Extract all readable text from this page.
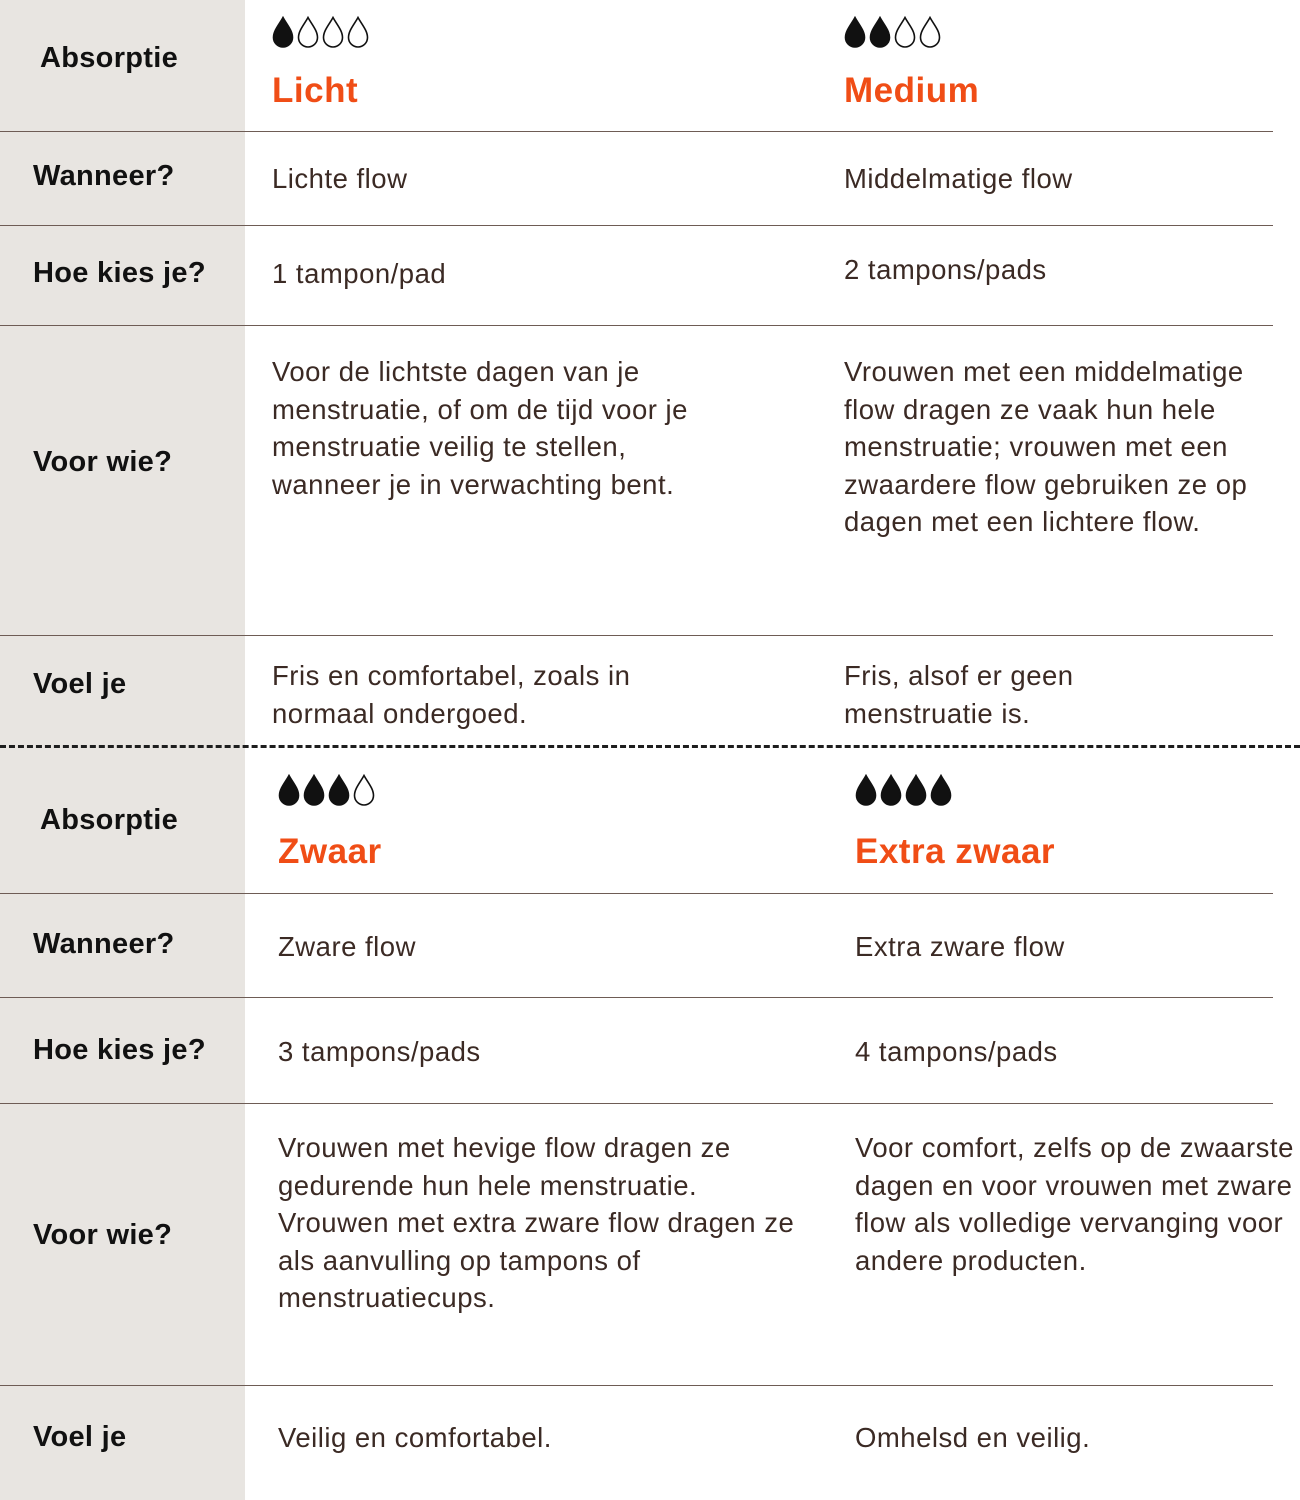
Absorptie
Wanneer?
Hoe kies je?
Voor wie?
Voel je
Licht
Lichte flow
1 tampon/pad
Voor de lichtste dagen van je menstruatie, of om de tijd voor je menstruatie veilig te stellen, wanneer je in verwachting bent.
Fris en comfortabel, zoals in normaal ondergoed.
Medium
Middelmatige flow
2 tampons/pads
Vrouwen met een middelmatige flow dragen ze vaak hun hele menstruatie; vrouwen met een zwaardere flow gebruiken ze op dagen met een lichtere flow.
Fris, alsof er geen menstruatie is.
Absorptie
Wanneer?
Hoe kies je?
Voor wie?
Voel je
Zwaar
Zware flow
3 tampons/pads
Vrouwen met hevige flow dragen ze gedurende hun hele menstruatie. Vrouwen met extra zware flow dragen ze als aanvulling op tampons of menstruatiecups.
Veilig en comfortabel.
Extra zwaar
Extra zware flow
4 tampons/pads
Voor comfort, zelfs op de zwaarste dagen en voor vrouwen met zware flow als volledige vervanging voor andere producten.
Omhelsd en veilig.
